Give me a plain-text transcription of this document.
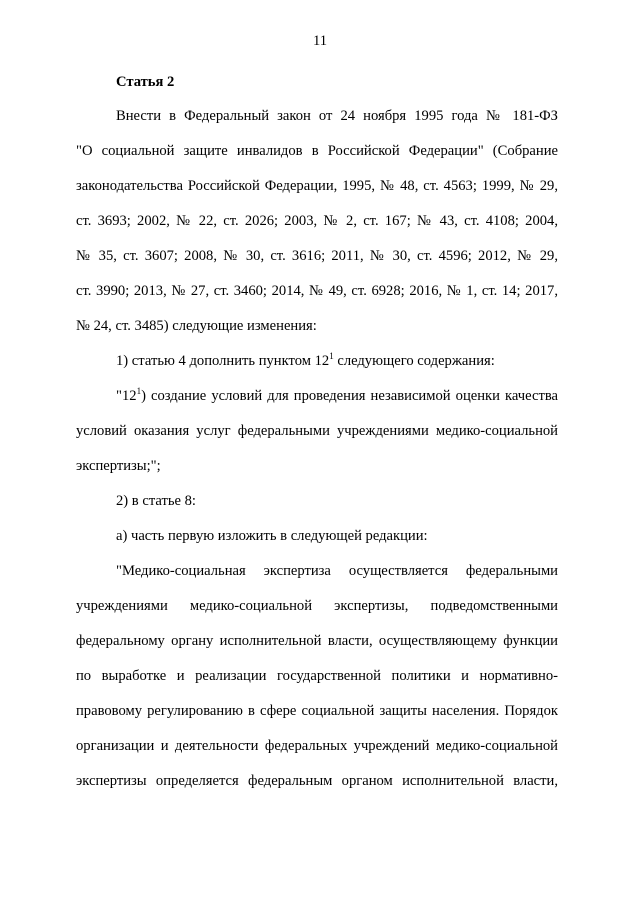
11
Статья 2
Внести в Федеральный закон от 24 ноября 1995 года № 181-ФЗ
"О социальной защите инвалидов в Российской Федерации" (Собрание
законодательства Российской Федерации, 1995, № 48, ст. 4563; 1999, № 29,
ст. 3693; 2002, № 22, ст. 2026; 2003, № 2, ст. 167; № 43, ст. 4108; 2004,
№ 35, ст. 3607; 2008, № 30, ст. 3616; 2011, № 30, ст. 4596; 2012, № 29,
ст. 3990; 2013, № 27, ст. 3460; 2014, № 49, ст. 6928; 2016, № 1, ст. 14; 2017,
№ 24, ст. 3485) следующие изменения:
1) статью 4 дополнить пунктом $12^1$ следующего содержания:
"$12^1$) создание условий для проведения независимой оценки качества
условий оказания услуг федеральными учреждениями медико-социальной
экспертизы;";
2) в статье 8:
а) часть первую изложить в следующей редакции:
"Медико-социальная экспертиза осуществляется федеральными
учреждениями медико-социальной экспертизы, подведомственными
федеральному органу исполнительной власти, осуществляющему функции
по выработке и реализации государственной политики и нормативно-
правовому регулированию в сфере социальной защиты населения. Порядок
организации и деятельности федеральных учреждений медико-социальной
экспертизы определяется федеральным органом исполнительной власти,
